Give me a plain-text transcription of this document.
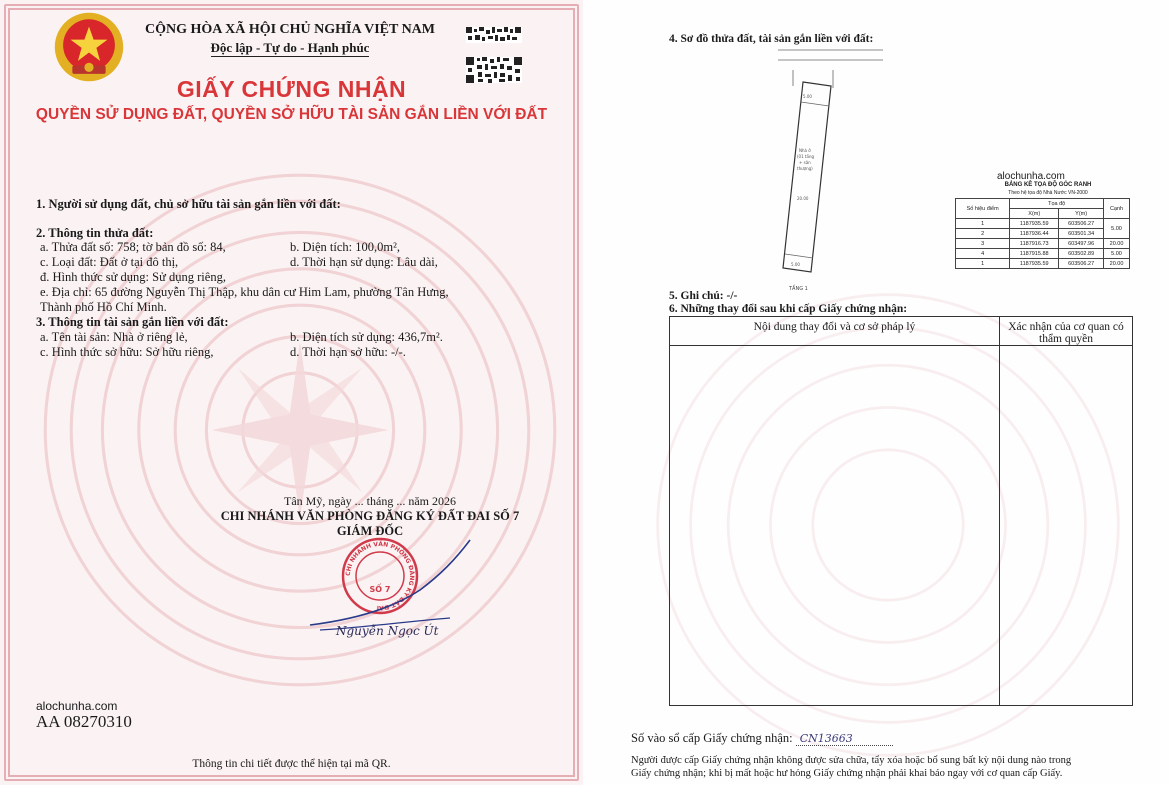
CỘNG HÒA XÃ HỘI CHỦ NGHĨA VIỆT NAM
Độc lập - Tự do - Hạnh phúc
GIẤY CHỨNG NHẬN
QUYỀN SỬ DỤNG ĐẤT, QUYỀN SỞ HỮU TÀI SẢN GẮN LIỀN VỚI ĐẤT
1. Người sử dụng đất, chủ sở hữu tài sản gắn liền với đất:
2. Thông tin thửa đất:
a. Thửa đất số: 758; tờ bản đồ số: 84,	b. Diện tích: 100,0m²,
c. Loại đất: Đất ở tại đô thị,	d. Thời hạn sử dụng: Lâu dài,
đ. Hình thức sử dụng: Sử dụng riêng,
e. Địa chỉ: 65 đường Nguyễn Thị Thập, khu dân cư Him Lam, phường Tân Hưng,
Thành phố Hồ Chí Minh.
3. Thông tin tài sản gắn liền với đất:
a. Tên tài sản: Nhà ở riêng lẻ,	b. Diện tích sử dụng: 436,7m².
c. Hình thức sở hữu: Sở hữu riêng,	d. Thời hạn sở hữu: -/-.
Tân Mỹ, ngày ... tháng ... năm 2026
CHI NHÁNH VĂN PHÒNG ĐĂNG KÝ ĐẤT ĐAI SỐ 7
GIÁM ĐỐC
CHI NHÁNH VĂN PHÒNG ĐĂNG KÝ ĐẤT ĐAI
SỐ 7
Nguyễn Ngọc Út
alochunha.com
AA 08270310
Thông tin chi tiết được thể hiện tại mã QR.
4. Sơ đồ thửa đất, tài sản gắn liền với đất:
5.00
Nhà ở
(01 tầng
+ sân
thượng)
20.00
5.00
TẦNG 1
alochunha.com
BẢNG KÊ TỌA ĐỘ GÓC RANH
Theo hệ tọa độ Nhà Nước VN-2000
Số hiệu điểm	Tọa độ		Cạnh
	X(m)	Y(m)	
1	1187935.59	603506.27	5.00
2	1187936.44	603501.34	
3	1187916.73	603497.96	20.00
4	1187915.88	603502.89	5.00
1	1187935.59	603506.27	20.00
5. Ghi chú: -/-
6. Những thay đổi sau khi cấp Giấy chứng nhận:
Nội dung thay đổi và cơ sở pháp lý	Xác nhận của cơ quan có
thẩm quyền

Số vào sổ cấp Giấy chứng nhận: CN13663
Người được cấp Giấy chứng nhận không được sửa chữa, tẩy xóa hoặc bổ sung bất kỳ nội dung nào trong
Giấy chứng nhận; khi bị mất hoặc hư hỏng Giấy chứng nhận phải khai báo ngay với cơ quan cấp Giấy.
